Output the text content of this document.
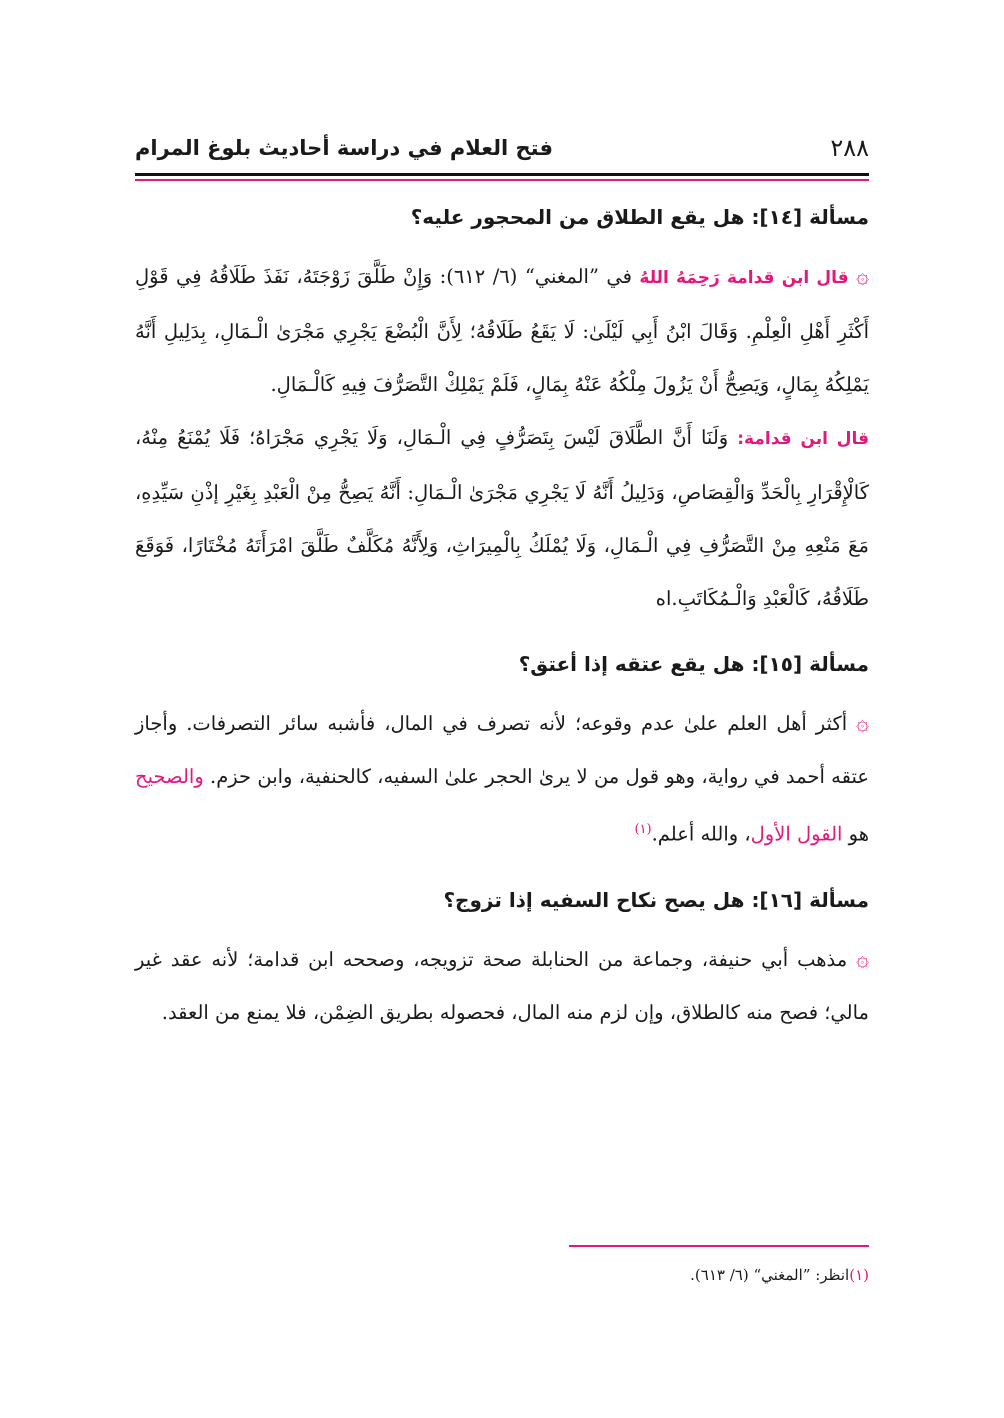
٢٨٨
فتح العلام في دراسة أحاديث بلوغ المرام
مسألة [١٤]: هل يقع الطلاق من المحجور عليه؟
۞ قال ابن قدامة رَحِمَهُ اللهُ في ”المغني“ (٦/ ٦١٢): وَإِنْ طَلَّقَ زَوْجَتَهُ، نَفَذَ طَلَاقُهُ فِي قَوْلِ أَكْثَرِ أَهْلِ الْعِلْمِ. وَقَالَ ابْنُ أَبِي لَيْلَىٰ: لَا يَقَعُ طَلَاقُهُ؛ لِأَنَّ الْبُضْعَ يَجْرِي مَجْرَىٰ الْـمَالِ، بِدَلِيلِ أَنَّهُ يَمْلِكُهُ بِمَالٍ، وَيَصِحُّ أَنْ يَزُولَ مِلْكُهُ عَنْهُ بِمَالٍ، فَلَمْ يَمْلِكْ التَّصَرُّفَ فِيهِ كَالْـمَالِ.
قال ابن قدامة: وَلَنَا أَنَّ الطَّلَاقَ لَيْسَ بِتَصَرُّفٍ فِي الْـمَالِ، وَلَا يَجْرِي مَجْرَاهُ؛ فَلَا يُمْنَعُ مِنْهُ، كَالْإِقْرَارِ بِالْحَدِّ وَالْقِصَاصِ، وَدَلِيلُ أَنَّهُ لَا يَجْرِي مَجْرَىٰ الْـمَالِ: أَنَّهُ يَصِحُّ مِنْ الْعَبْدِ بِغَيْرِ إذْنِ سَيِّدِهِ، مَعَ مَنْعِهِ مِنْ التَّصَرُّفِ فِي الْـمَالِ، وَلَا يُمْلَكُ بِالْمِيرَاثِ، وَلِأَنَّهُ مُكَلَّفٌ طَلَّقَ امْرَأَتَهُ مُخْتَارًا، فَوَقَعَ طَلَاقُهُ، كَالْعَبْدِ وَالْـمُكَاتَبِ.اه
مسألة [١٥]: هل يقع عتقه إذا أعتق؟
۞ أكثر أهل العلم علىٰ عدم وقوعه؛ لأنه تصرف في المال، فأشبه سائر التصرفات. وأجاز عتقه أحمد في رواية، وهو قول من لا يرىٰ الحجر علىٰ السفيه، كالحنفية، وابن حزم. والصحيح هو القول الأول، والله أعلم.$^{(١)}$
مسألة [١٦]: هل يصح نكاح السفيه إذا تزوج؟
۞ مذهب أبي حنيفة، وجماعة من الحنابلة صحة تزويجه، وصححه ابن قدامة؛ لأنه عقد غير مالي؛ فصح منه كالطلاق، وإن لزم منه المال، فحصوله بطريق الضِمْن، فلا يمنع من العقد.
(١)انظر: ”المغني“ (٦/ ٦١٣).
